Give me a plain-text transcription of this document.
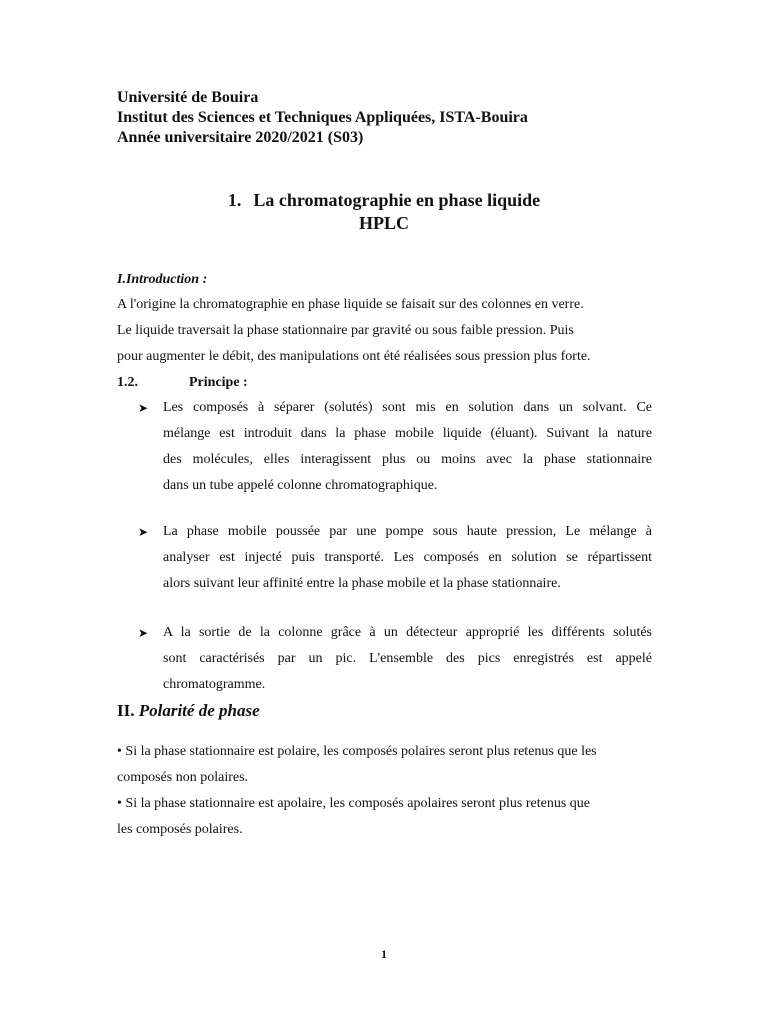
Université de Bouira
Institut des Sciences et Techniques Appliquées, ISTA-Bouira
Année universitaire 2020/2021 (S03)
1. La chromatographie en phase liquide
HPLC
I.Introduction :
A l'origine la chromatographie en phase liquide se faisait sur des colonnes en verre.
Le liquide traversait la phase stationnaire par gravité ou sous faible pression. Puis
pour augmenter le débit, des manipulations ont été réalisées sous pression plus forte.
1.2.	Principe :
➤ Les composés à séparer (solutés) sont mis en solution dans un solvant. Ce
mélange est introduit dans la phase mobile liquide (éluant). Suivant la nature
des molécules, elles interagissent plus ou moins avec la phase stationnaire
dans un tube appelé colonne chromatographique.
➤ La phase mobile poussée par une pompe sous haute pression, Le mélange à
analyser est injecté puis transporté. Les composés en solution se répartissent
alors suivant leur affinité entre la phase mobile et la phase stationnaire.
➤ A la sortie de la colonne grâce à un détecteur approprié les différents solutés
sont caractérisés par un pic. L'ensemble des pics enregistrés est appelé
chromatogramme.
II. Polarité de phase
• Si la phase stationnaire est polaire, les composés polaires seront plus retenus que les
composés non polaires.
• Si la phase stationnaire est apolaire, les composés apolaires seront plus retenus que
les composés polaires.
1
